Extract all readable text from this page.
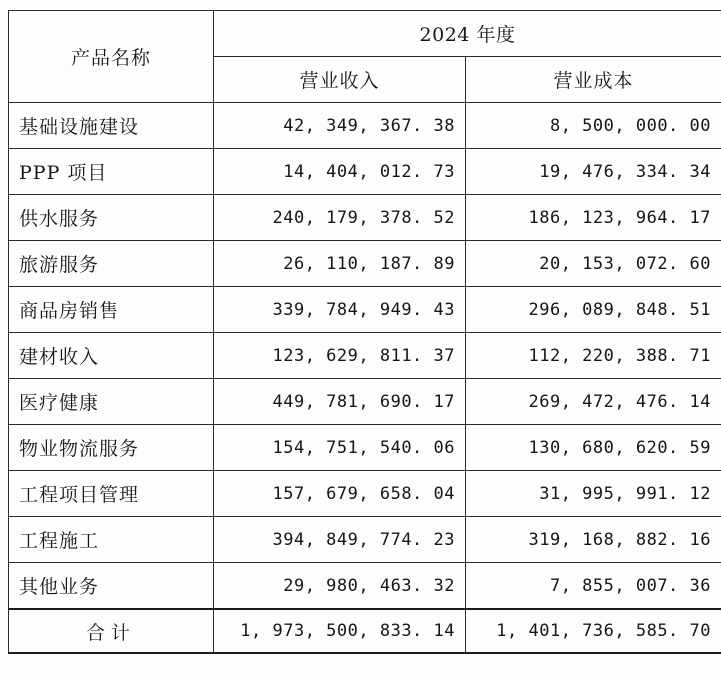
产品名称	2024 年度	
	营业收入	营业成本
基础设施建设	42, 349, 367. 38	8, 500, 000. 00
PPP 项目	14, 404, 012. 73	19, 476, 334. 34
供水服务	240, 179, 378. 52	186, 123, 964. 17
旅游服务	26, 110, 187. 89	20, 153, 072. 60
商品房销售	339, 784, 949. 43	296, 089, 848. 51
建材收入	123, 629, 811. 37	112, 220, 388. 71
医疗健康	449, 781, 690. 17	269, 472, 476. 14
物业物流服务	154, 751, 540. 06	130, 680, 620. 59
工程项目管理	157, 679, 658. 04	31, 995, 991. 12
工程施工	394, 849, 774. 23	319, 168, 882. 16
其他业务	29, 980, 463. 32	7, 855, 007. 36
合计	1, 973, 500, 833. 14	1, 401, 736, 585. 70
